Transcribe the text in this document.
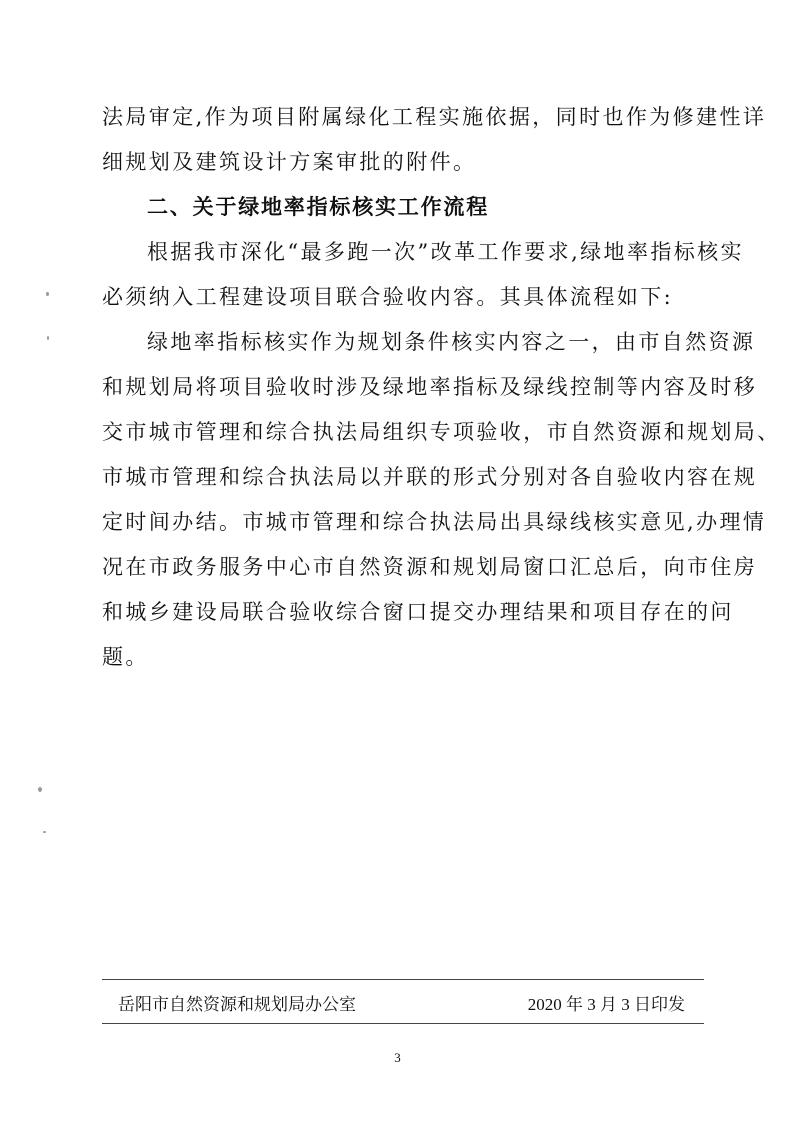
法局审定,作为项目附属绿化工程实施依据，同时也作为修建性详
细规划及建筑设计方案审批的附件。
二、关于绿地率指标核实工作流程
根据我市深化“最多跑一次”改革工作要求,绿地率指标核实
必须纳入工程建设项目联合验收内容。其具体流程如下:
绿地率指标核实作为规划条件核实内容之一，由市自然资源
和规划局将项目验收时涉及绿地率指标及绿线控制等内容及时移
交市城市管理和综合执法局组织专项验收，市自然资源和规划局、
市城市管理和综合执法局以并联的形式分别对各自验收内容在规
定时间办结。市城市管理和综合执法局出具绿线核实意见,办理情
况在市政务服务中心市自然资源和规划局窗口汇总后，向市住房
和城乡建设局联合验收综合窗口提交办理结果和项目存在的问
题。
岳阳市自然资源和规划局办公室	2020 年 3 月 3 日印发
3
